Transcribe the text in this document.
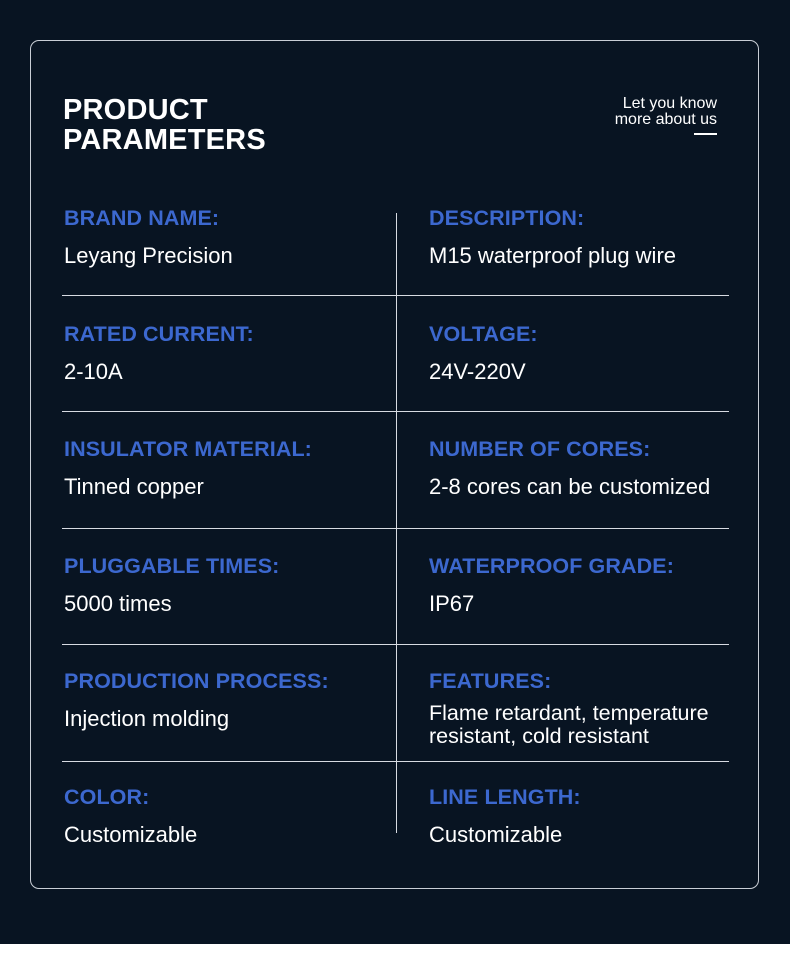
PRODUCT
PARAMETERS
Let you know
more about us
BRAND NAME:
Leyang Precision
DESCRIPTION:
M15 waterproof plug wire
RATED CURRENT:
2-10A
VOLTAGE:
24V-220V
INSULATOR MATERIAL:
Tinned copper
NUMBER OF CORES:
2-8 cores can be customized
PLUGGABLE TIMES:
5000 times
WATERPROOF GRADE:
IP67
PRODUCTION PROCESS:
Injection molding
FEATURES:
Flame retardant, temperature resistant, cold resistant
COLOR:
Customizable
LINE LENGTH:
Customizable
